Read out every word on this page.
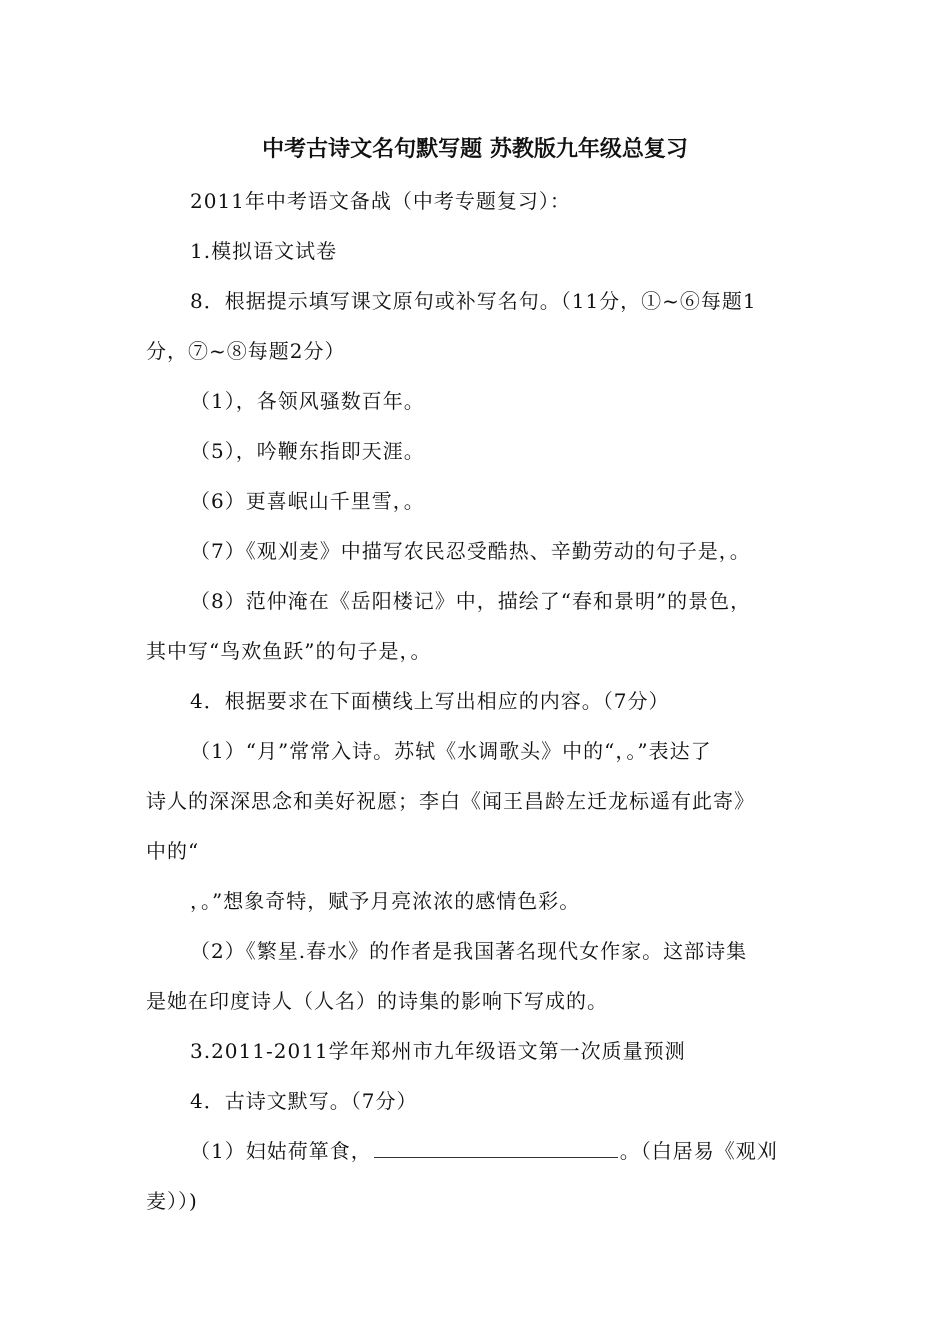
中考古诗文名句默写题 苏教版九年级总复习
2011年中考语文备战（中考专题复习）：
1.模拟语文试卷
8．根据提示填写课文原句或补写名句。（11分，①~⑥每题1
分，⑦~⑧每题2分）
（1），各领风骚数百年。
（5），吟鞭东指即天涯。
（6）更喜岷山千里雪，。
（7）《观刈麦》中描写农民忍受酷热、辛勤劳动的句子是，。
（8）范仲淹在《岳阳楼记》中，描绘了“春和景明”的景色，
其中写“鸟欢鱼跃”的句子是，。
4．根据要求在下面横线上写出相应的内容。（7分）
（1）“月”常常入诗。苏轼《水调歌头》中的“，。”表达了
诗人的深深思念和美好祝愿；李白《闻王昌龄左迁龙标遥有此寄》
中的“
，。”想象奇特，赋予月亮浓浓的感情色彩。
（2）《繁星.春水》的作者是我国著名现代女作家。这部诗集
是她在印度诗人（人名）的诗集的影响下写成的。
3.2011-2011学年郑州市九年级语文第一次质量预测
4．古诗文默写。（7分）
（1）妇姑荷箪食，	。（白居易《观刈
麦））)
